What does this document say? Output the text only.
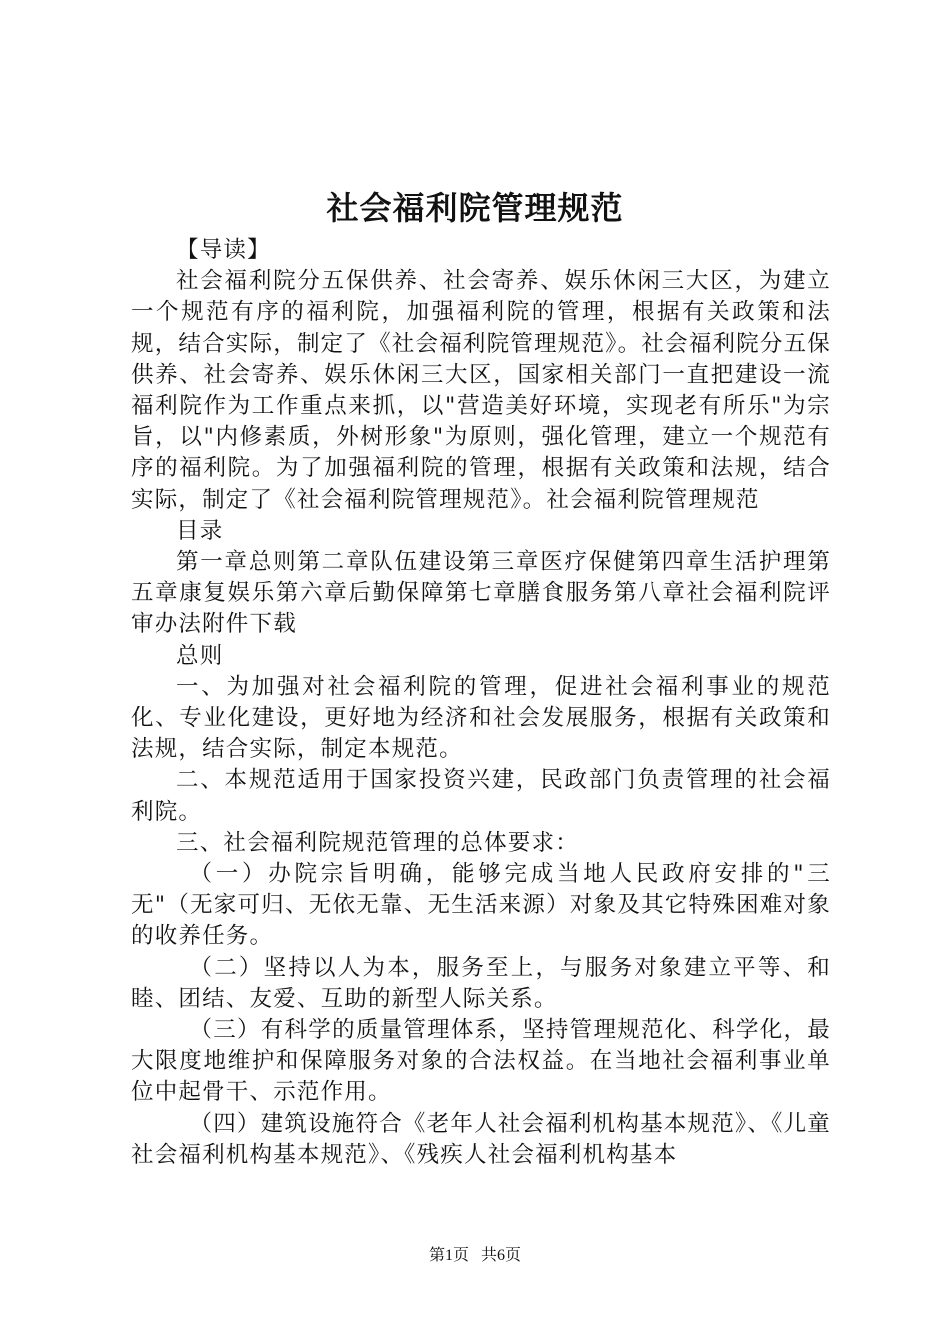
社会福利院管理规范

【导读】

社会福利院分五保供养、社会寄养、娱乐休闲三大区，为建立一个规范有序的福利院，加强福利院的管理，根据有关政策和法规，结合实际，制定了《社会福利院管理规范》。社会福利院分五保供养、社会寄养、娱乐休闲三大区，国家相关部门一直把建设一流福利院作为工作重点来抓，以"营造美好环境，实现老有所乐"为宗旨，以"内修素质，外树形象"为原则，强化管理，建立一个规范有序的福利院。为了加强福利院的管理，根据有关政策和法规，结合实际，制定了《社会福利院管理规范》。社会福利院管理规范

目录

第一章总则第二章队伍建设第三章医疗保健第四章生活护理第五章康复娱乐第六章后勤保障第七章膳食服务第八章社会福利院评审办法附件下载

总则

一、为加强对社会福利院的管理，促进社会福利事业的规范化、专业化建设，更好地为经济和社会发展服务，根据有关政策和法规，结合实际，制定本规范。

二、本规范适用于国家投资兴建，民政部门负责管理的社会福利院。

三、社会福利院规范管理的总体要求：

（一）办院宗旨明确，能够完成当地人民政府安排的"三无"（无家可归、无依无靠、无生活来源）对象及其它特殊困难对象的收养任务。

（二）坚持以人为本，服务至上，与服务对象建立平等、和睦、团结、友爱、互助的新型人际关系。

（三）有科学的质量管理体系，坚持管理规范化、科学化，最大限度地维护和保障服务对象的合法权益。在当地社会福利事业单位中起骨干、示范作用。

（四）建筑设施符合《老年人社会福利机构基本规范》、《儿童社会福利机构基本规范》、《残疾人社会福利机构基本

第1页 共6页
